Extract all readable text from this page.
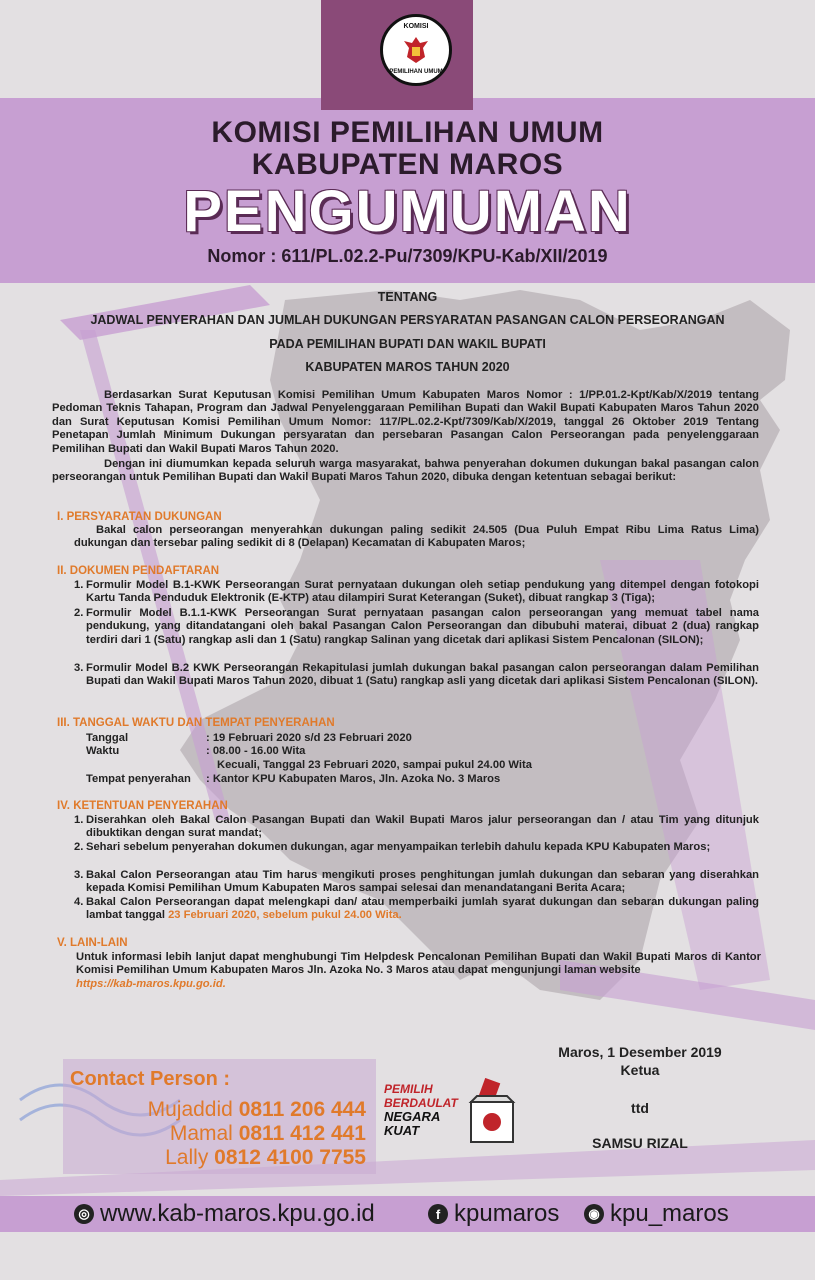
KOMISI
PEMILIHAN UMUM
KOMISI PEMILIHAN UMUM
KABUPATEN MAROS
PENGUMUMAN
Nomor : 611/PL.02.2-Pu/7309/KPU-Kab/XII/2019
TENTANG
JADWAL PENYERAHAN DAN JUMLAH DUKUNGAN PERSYARATAN PASANGAN CALON PERSEORANGAN
PADA PEMILIHAN BUPATI DAN WAKIL BUPATI
KABUPATEN MAROS TAHUN 2020
Berdasarkan Surat Keputusan Komisi Pemilihan Umum Kabupaten Maros Nomor : 1/PP.01.2-Kpt/Kab/X/2019 tentang Pedoman Teknis Tahapan, Program dan Jadwal Penyelenggaraan Pemilihan Bupati dan Wakil Bupati Kabupaten Maros Tahun 2020 dan Surat Keputusan Komisi Pemilihan Umum Nomor: 117/PL.02.2-Kpt/7309/Kab/X/2019, tanggal 26 Oktober 2019 Tentang Penetapan Jumlah Minimum Dukungan persyaratan dan persebaran Pasangan Calon Perseorangan pada penyelenggaraan Pemilihan Bupati dan Wakil Bupati Maros Tahun 2020.
Dengan ini diumumkan kepada seluruh warga masyarakat, bahwa penyerahan dokumen dukungan bakal pasangan calon perseorangan untuk Pemilihan Bupati dan Wakil Bupati Maros Tahun 2020, dibuka dengan ketentuan sebagai berikut:
I. PERSYARATAN DUKUNGAN
Bakal calon perseorangan menyerahkan dukungan paling sedikit 24.505 (Dua Puluh Empat Ribu Lima Ratus Lima) dukungan dan tersebar paling sedikit di 8 (Delapan) Kecamatan di Kabupaten Maros;
II. DOKUMEN PENDAFTARAN
1. Formulir Model B.1-KWK Perseorangan Surat pernyataan dukungan oleh setiap pendukung yang ditempel dengan fotokopi Kartu Tanda Penduduk Elektronik (E-KTP) atau dilampiri Surat Keterangan (Suket), dibuat rangkap 3 (Tiga);
2. Formulir Model B.1.1-KWK Perseorangan Surat pernyataan pasangan calon perseorangan yang memuat tabel nama pendukung, yang ditandatangani oleh bakal Pasangan Calon Perseorangan dan dibubuhi materai, dibuat 2 (dua) rangkap terdiri dari 1 (Satu) rangkap asli dan 1 (Satu) rangkap Salinan yang dicetak dari aplikasi Sistem Pencalonan (SILON);
3. Formulir Model B.2 KWK Perseorangan Rekapitulasi jumlah dukungan bakal pasangan calon perseorangan dalam Pemilihan Bupati dan Wakil Bupati Maros Tahun 2020, dibuat 1 (Satu) rangkap asli yang dicetak dari aplikasi Sistem Pencalonan (SILON).
III. TANGGAL WAKTU DAN TEMPAT PENYERAHAN
Tanggal	: 19 Februari 2020 s/d 23 Februari 2020
Waktu	: 08.00 - 16.00 Wita
Kecuali, Tanggal 23 Februari 2020, sampai pukul 24.00 Wita
Tempat penyerahan : Kantor KPU Kabupaten Maros, Jln. Azoka No. 3 Maros
IV. KETENTUAN PENYERAHAN
1. Diserahkan oleh Bakal Calon Pasangan Bupati dan Wakil Bupati Maros jalur perseorangan dan / atau Tim yang ditunjuk dibuktikan dengan surat mandat;
2. Sehari sebelum penyerahan dokumen dukungan, agar menyampaikan terlebih dahulu kepada KPU Kabupaten Maros;
3. Bakal Calon Perseorangan atau Tim harus mengikuti proses penghitungan jumlah dukungan dan sebaran yang diserahkan kepada Komisi Pemilihan Umum Kabupaten Maros sampai selesai dan menandatangani Berita Acara;
4. Bakal Calon Perseorangan dapat melengkapi dan/ atau memperbaiki jumlah syarat dukungan dan sebaran dukungan paling lambat tanggal 23 Februari 2020, sebelum pukul 24.00 Wita.
V. LAIN-LAIN
Untuk informasi lebih lanjut dapat menghubungi Tim Helpdesk Pencalonan Pemilihan Bupati dan Wakil Bupati Maros di Kantor Komisi Pemilihan Umum Kabupaten Maros Jln. Azoka No. 3 Maros atau dapat mengunjungi laman website
https://kab-maros.kpu.go.id.
Contact Person :
Mujaddid 0811 206 444
Mamal 0811 412 441
Lally 0812 4100 7755
PEMILIH
BERDAULAT
NEGARA
KUAT
Maros, 1 Desember 2019
Ketua
ttd
SAMSU RIZAL
◎ www.kab-maros.kpu.go.id	f kpumaros	◉ kpu_maros
